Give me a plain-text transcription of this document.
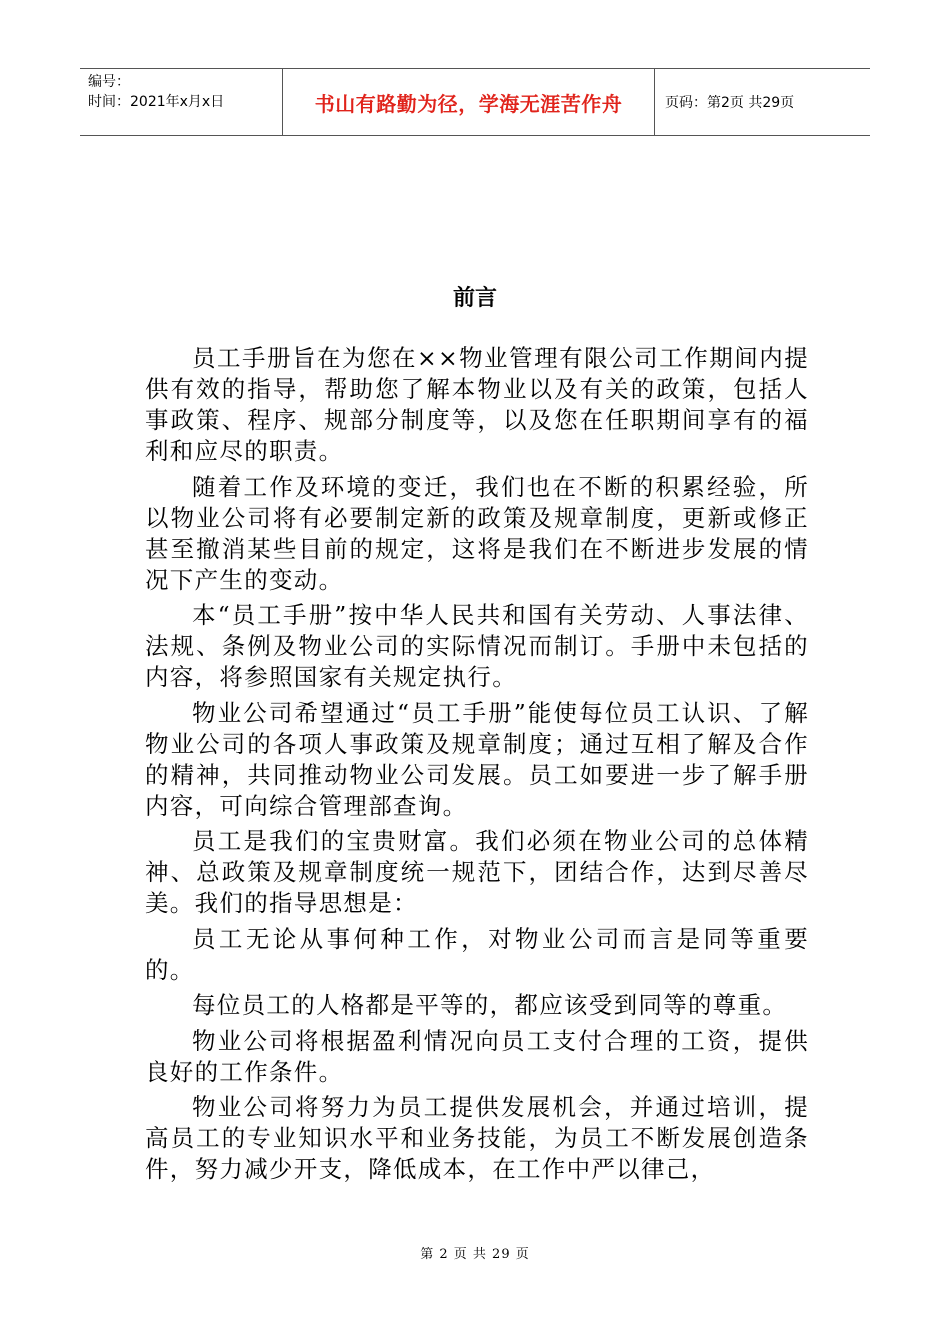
编号：
时间：2021年x月x日	书山有路勤为径，学海无涯苦作舟	页码：第2页 共29页
前言

员工手册旨在为您在××物业管理有限公司工作期间内提供有效的指导，帮助您了解本物业以及有关的政策，包括人事政策、程序、规部分制度等，以及您在任职期间享有的福利和应尽的职责。

随着工作及环境的变迁，我们也在不断的积累经验，所以物业公司将有必要制定新的政策及规章制度，更新或修正甚至撤消某些目前的规定，这将是我们在不断进步发展的情况下产生的变动。

本“员工手册”按中华人民共和国有关劳动、人事法律、法规、条例及物业公司的实际情况而制订。手册中未包括的内容，将参照国家有关规定执行。

物业公司希望通过“员工手册”能使每位员工认识、了解物业公司的各项人事政策及规章制度；通过互相了解及合作的精神，共同推动物业公司发展。员工如要进一步了解手册内容，可向综合管理部查询。

员工是我们的宝贵财富。我们必须在物业公司的总体精神、总政策及规章制度统一规范下，团结合作，达到尽善尽美。我们的指导思想是：

员工无论从事何种工作，对物业公司而言是同等重要的。

每位员工的人格都是平等的，都应该受到同等的尊重。

物业公司将根据盈利情况向员工支付合理的工资，提供良好的工作条件。

物业公司将努力为员工提供发展机会，并通过培训，提高员工的专业知识水平和业务技能，为员工不断发展创造条件，努力减少开支，降低成本，在工作中严以律己，

第 2 页 共 29 页
